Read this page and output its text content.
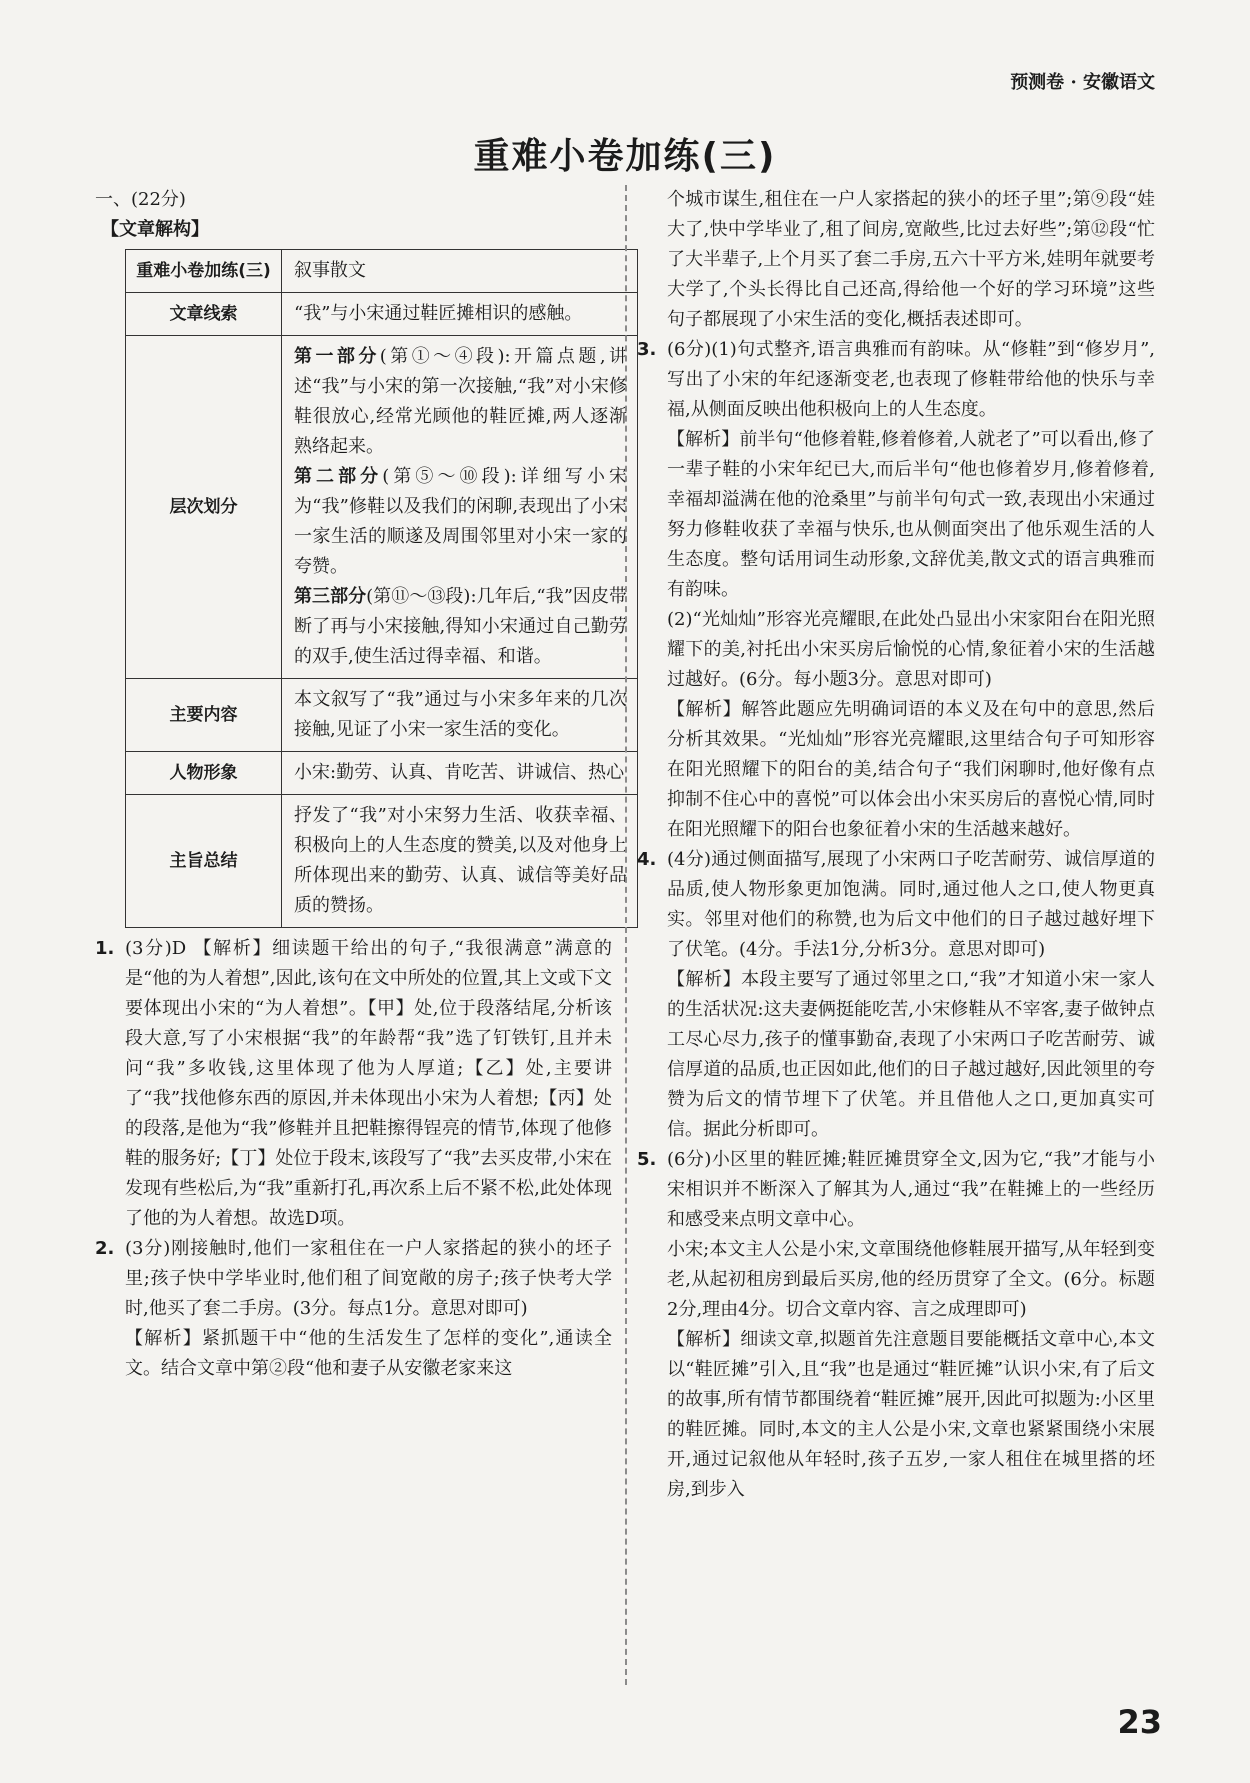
预测卷 · 安徽语文
重难小卷加练(三)

一、(22分)

【文章解构】

重难小卷加练(三)	叙事散文

文章线索	“我”与小宋通过鞋匠摊相识的感触。

层次划分	第一部分(第①～④段):开篇点题,讲述“我”与小宋的第一次接触,“我”对小宋修鞋很放心,经常光顾他的鞋匠摊,两人逐渐熟络起来。

第二部分(第⑤～⑩段):详细写小宋为“我”修鞋以及我们的闲聊,表现出了小宋一家生活的顺遂及周围邻里对小宋一家的夸赞。

第三部分(第⑪～⑬段):几年后,“我”因皮带断了再与小宋接触,得知小宋通过自己勤劳的双手,使生活过得幸福、和谐。

主要内容	本文叙写了“我”通过与小宋多年来的几次接触,见证了小宋一家生活的变化。

人物形象	小宋:勤劳、认真、肯吃苦、讲诚信、热心

主旨总结	抒发了“我”对小宋努力生活、收获幸福、积极向上的人生态度的赞美,以及对他身上所体现出来的勤劳、认真、诚信等美好品质的赞扬。

1. (3分)D 【解析】细读题干给出的句子,“我很满意”满意的是“他的为人着想”,因此,该句在文中所处的位置,其上文或下文要体现出小宋的“为人着想”。【甲】处,位于段落结尾,分析该段大意,写了小宋根据“我”的年龄帮“我”选了钉铁钉,且并未问“我”多收钱,这里体现了他为人厚道;【乙】处,主要讲了“我”找他修东西的原因,并未体现出小宋为人着想;【丙】处的段落,是他为“我”修鞋并且把鞋擦得锃亮的情节,体现了他修鞋的服务好;【丁】处位于段末,该段写了“我”去买皮带,小宋在发现有些松后,为“我”重新打孔,再次系上后不紧不松,此处体现了他的为人着想。故选D项。

2. (3分)刚接触时,他们一家租住在一户人家搭起的狭小的坯子里;孩子快中学毕业时,他们租了间宽敞的房子;孩子快考大学时,他买了套二手房。(3分。每点1分。意思对即可)

【解析】紧抓题干中“他的生活发生了怎样的变化”,通读全文。结合文章中第②段“他和妻子从安徽老家来这

个城市谋生,租住在一户人家搭起的狭小的坯子里”;第⑨段“娃大了,快中学毕业了,租了间房,宽敞些,比过去好些”;第⑫段“忙了大半辈子,上个月买了套二手房,五六十平方米,娃明年就要考大学了,个头长得比自己还高,得给他一个好的学习环境”这些句子都展现了小宋生活的变化,概括表述即可。

3. (6分)(1)句式整齐,语言典雅而有韵味。从“修鞋”到“修岁月”,写出了小宋的年纪逐渐变老,也表现了修鞋带给他的快乐与幸福,从侧面反映出他积极向上的人生态度。

【解析】前半句“他修着鞋,修着修着,人就老了”可以看出,修了一辈子鞋的小宋年纪已大,而后半句“他也修着岁月,修着修着,幸福却溢满在他的沧桑里”与前半句句式一致,表现出小宋通过努力修鞋收获了幸福与快乐,也从侧面突出了他乐观生活的人生态度。整句话用词生动形象,文辞优美,散文式的语言典雅而有韵味。

(2)“光灿灿”形容光亮耀眼,在此处凸显出小宋家阳台在阳光照耀下的美,衬托出小宋买房后愉悦的心情,象征着小宋的生活越过越好。(6分。每小题3分。意思对即可)

【解析】解答此题应先明确词语的本义及在句中的意思,然后分析其效果。“光灿灿”形容光亮耀眼,这里结合句子可知形容在阳光照耀下的阳台的美,结合句子“我们闲聊时,他好像有点抑制不住心中的喜悦”可以体会出小宋买房后的喜悦心情,同时在阳光照耀下的阳台也象征着小宋的生活越来越好。

4. (4分)通过侧面描写,展现了小宋两口子吃苦耐劳、诚信厚道的品质,使人物形象更加饱满。同时,通过他人之口,使人物更真实。邻里对他们的称赞,也为后文中他们的日子越过越好埋下了伏笔。(4分。手法1分,分析3分。意思对即可)

【解析】本段主要写了通过邻里之口,“我”才知道小宋一家人的生活状况:这夫妻俩挺能吃苦,小宋修鞋从不宰客,妻子做钟点工尽心尽力,孩子的懂事勤奋,表现了小宋两口子吃苦耐劳、诚信厚道的品质,也正因如此,他们的日子越过越好,因此领里的夸赞为后文的情节埋下了伏笔。并且借他人之口,更加真实可信。据此分析即可。

5. (6分)小区里的鞋匠摊;鞋匠摊贯穿全文,因为它,“我”才能与小宋相识并不断深入了解其为人,通过“我”在鞋摊上的一些经历和感受来点明文章中心。

小宋;本文主人公是小宋,文章围绕他修鞋展开描写,从年轻到变老,从起初租房到最后买房,他的经历贯穿了全文。(6分。标题2分,理由4分。切合文章内容、言之成理即可)

【解析】细读文章,拟题首先注意题目要能概括文章中心,本文以“鞋匠摊”引入,且“我”也是通过“鞋匠摊”认识小宋,有了后文的故事,所有情节都围绕着“鞋匠摊”展开,因此可拟题为:小区里的鞋匠摊。同时,本文的主人公是小宋,文章也紧紧围绕小宋展开,通过记叙他从年轻时,孩子五岁,一家人租住在城里搭的坯房,到步入

23
